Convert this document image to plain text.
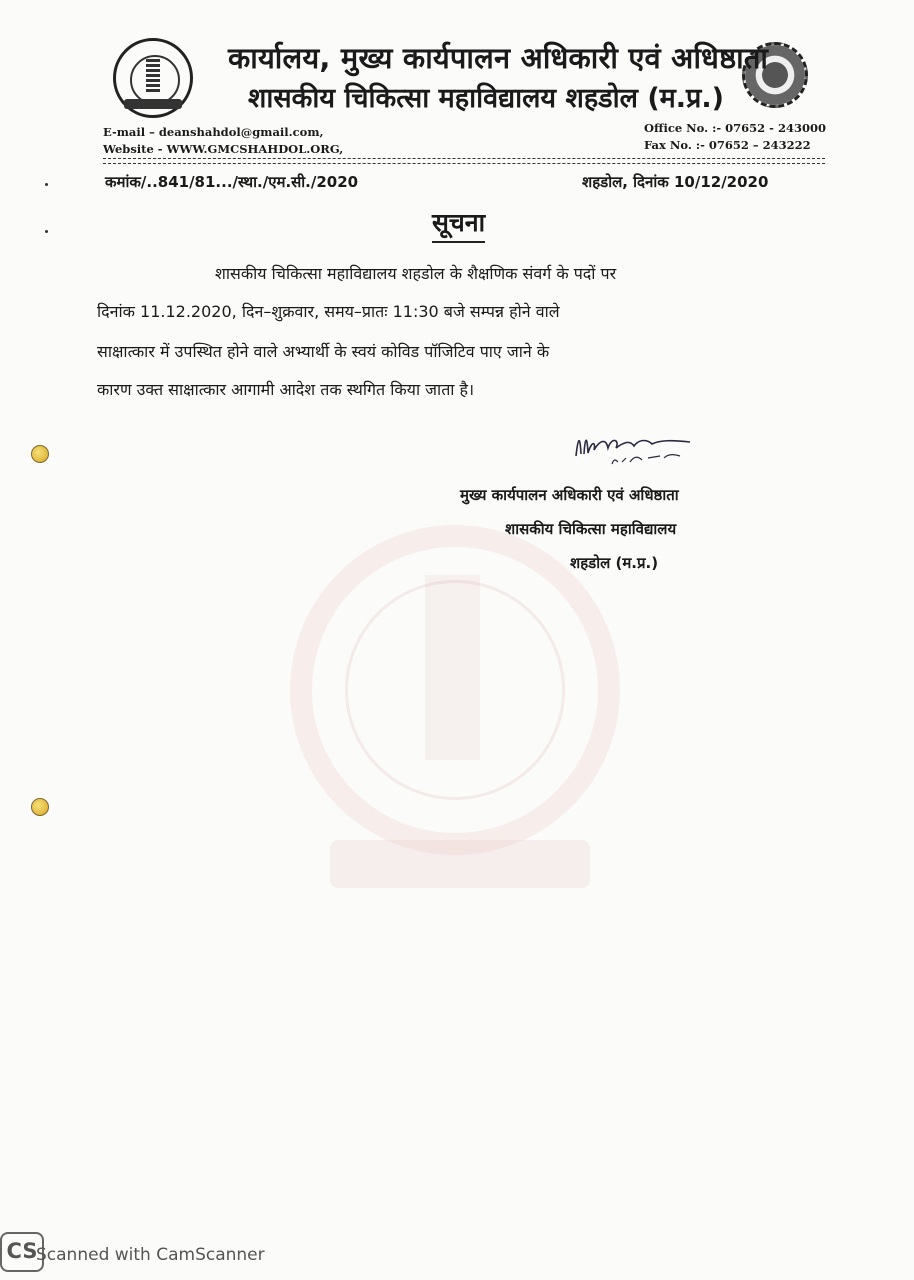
कार्यालय, मुख्य कार्यपालन अधिकारी एवं अधिष्ठाता
शासकीय चिकित्सा महाविद्यालय शहडोल (म.प्र.)
E-mail – deanshahdol@gmail.com,
Website - WWW.GMCSHAHDOL.ORG,
Office No. :- 07652 - 243000
Fax No. :- 07652 – 243222
कमांक/..841/81.../स्था./एम.सी./2020	शहडोल, दिनांक 10/12/2020
सूचना
शासकीय चिकित्सा महाविद्यालय शहडोल के शैक्षणिक संवर्ग के पदों पर
दिनांक 11.12.2020, दिन–शुक्रवार, समय–प्रातः 11:30 बजे सम्पन्न होने वाले
साक्षात्कार में उपस्थित होने वाले अभ्यार्थी के स्वयं कोविड पॉजिटिव पाए जाने के
कारण उक्त साक्षात्कार आगामी आदेश तक स्थगित किया जाता है।
मुख्य कार्यपालन अधिकारी एवं अधिष्ठाता
शासकीय चिकित्सा महाविद्यालय
शहडोल (म.प्र.)
CS
Scanned with CamScanner
